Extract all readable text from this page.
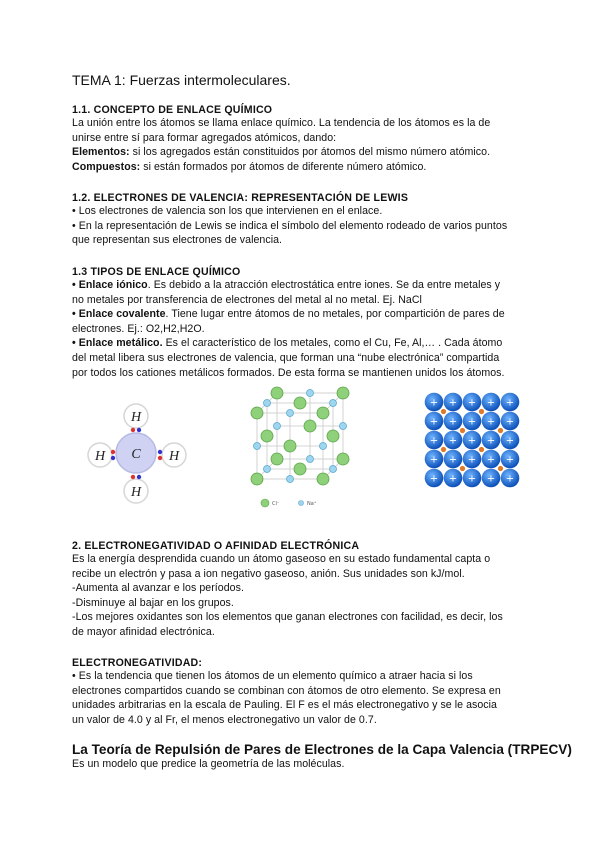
TEMA 1: Fuerzas intermoleculares.

1.1. CONCEPTO DE ENLACE QUÍMICO

La unión entre los átomos se llama enlace químico. La tendencia de los átomos es la de
unirse entre sí para formar agregados atómicos, dando:
Elementos: si los agregados están constituidos por átomos del mismo número atómico.
Compuestos: si están formados por átomos de diferente número atómico.

1.2. ELECTRONES DE VALENCIA: REPRESENTACIÓN DE LEWIS

• Los electrones de valencia son los que intervienen en el enlace.
• En la representación de Lewis se indica el símbolo del elemento rodeado de varios puntos
que representan sus electrones de valencia.

1.3 TIPOS DE ENLACE QUÍMICO

• Enlace iónico. Es debido a la atracción electrostática entre iones. Se da entre metales y
no metales por transferencia de electrones del metal al no metal. Ej. NaCl
• Enlace covalente. Tiene lugar entre átomos de no metales, por compartición de pares de
electrones. Ej.: O2,H2,H2O.
• Enlace metálico. Es el característico de los metales, como el Cu, Fe, Al,… . Cada átomo
del metal libera sus electrones de valencia, que forman una “nube electrónica” compartida
por todos los cationes metálicos formados. De esta forma se mantienen unidos los átomos.

2. ELECTRONEGATIVIDAD O AFINIDAD ELECTRÓNICA

Es la energía desprendida cuando un átomo gaseoso en su estado fundamental capta o
recibe un electrón y pasa a ion negativo gaseoso, anión. Sus unidades son kJ/mol.
-Aumenta al avanzar e los períodos.
-Disminuye al bajar en los grupos.
-Los mejores oxidantes son los elementos que ganan electrones con facilidad, es decir, los
de mayor afinidad electrónica.

ELECTRONEGATIVIDAD:

• Es la tendencia que tienen los átomos de un elemento químico a atraer hacia si los
electrones compartidos cuando se combinan con átomos de otro elemento. Se expresa en
unidades arbitrarias en la escala de Pauling. El F es el más electronegativo y se le asocia
un valor de 4.0 y al Fr, el menos electronegativo un valor de 0.7.

La Teoría de Repulsión de Pares de Electrones de la Capa Valencia (TRPECV)

Es un modelo que predice la geometría de las moléculas.

C
H
H
H	H
Cl⁻	Na⁺
+ + + + +
+ + + + +
+ + + + +
+ + + + +
+ + + + +
